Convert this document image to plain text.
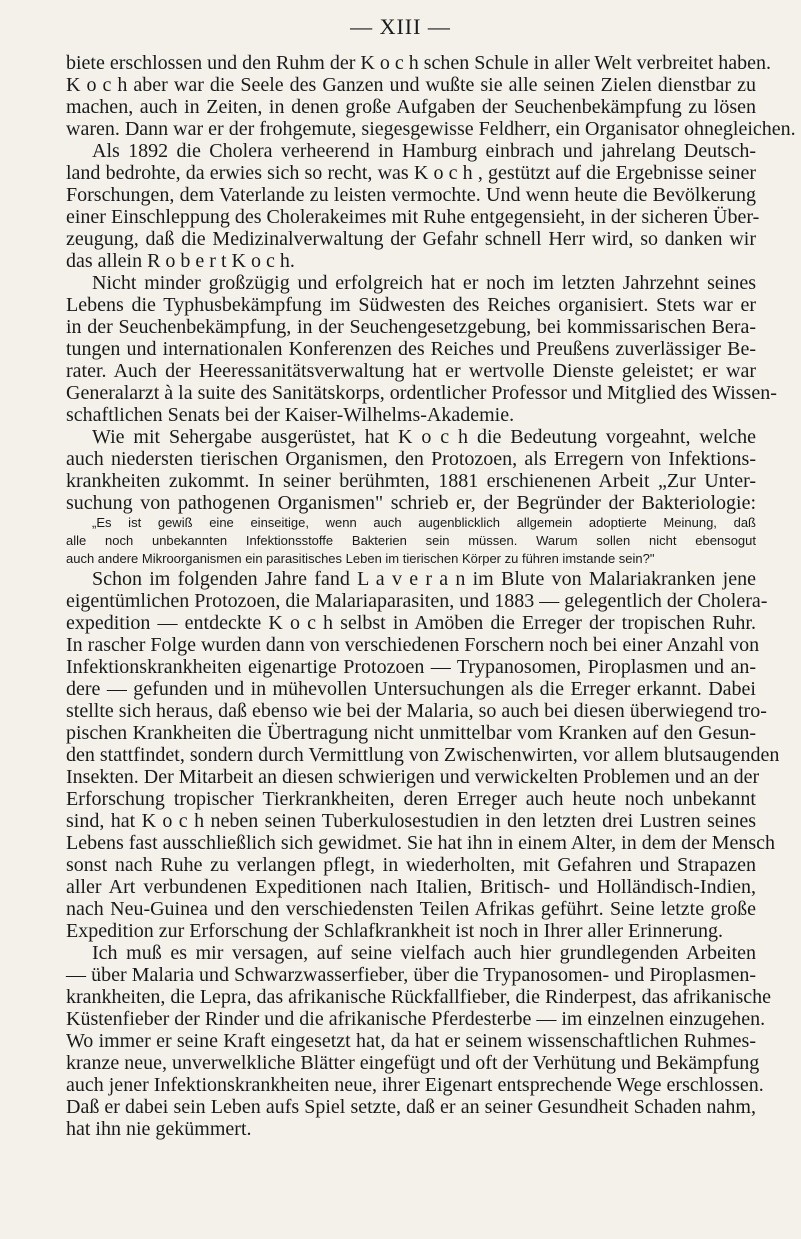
— XIII —
biete erschlossen und den Ruhm der K o c h schen Schule in aller Welt verbreitet haben.
K o c h aber war die Seele des Ganzen und wußte sie alle seinen Zielen dienstbar zu
machen, auch in Zeiten, in denen große Aufgaben der Seuchenbekämpfung zu lösen
waren. Dann war er der frohgemute, siegesgewisse Feldherr, ein Organisator ohnegleichen.
Als 1892 die Cholera verheerend in Hamburg einbrach und jahrelang Deutsch-
land bedrohte, da erwies sich so recht, was K o c h , gestützt auf die Ergebnisse seiner
Forschungen, dem Vaterlande zu leisten vermochte. Und wenn heute die Bevölkerung
einer Einschleppung des Cholerakeimes mit Ruhe entgegensieht, in der sicheren Über-
zeugung, daß die Medizinalverwaltung der Gefahr schnell Herr wird, so danken wir
das allein R o b e r t K o c h.
Nicht minder großzügig und erfolgreich hat er noch im letzten Jahrzehnt seines
Lebens die Typhusbekämpfung im Südwesten des Reiches organisiert. Stets war er
in der Seuchenbekämpfung, in der Seuchengesetzgebung, bei kommissarischen Bera-
tungen und internationalen Konferenzen des Reiches und Preußens zuverlässiger Be-
rater. Auch der Heeressanitätsverwaltung hat er wertvolle Dienste geleistet; er war
Generalarzt à la suite des Sanitätskorps, ordentlicher Professor und Mitglied des Wissen-
schaftlichen Senats bei der Kaiser-Wilhelms-Akademie.
Wie mit Sehergabe ausgerüstet, hat K o c h die Bedeutung vorgeahnt, welche
auch niedersten tierischen Organismen, den Protozoen, als Erregern von Infektions-
krankheiten zukommt. In seiner berühmten, 1881 erschienenen Arbeit „Zur Unter-
suchung von pathogenen Organismen" schrieb er, der Begründer der Bakteriologie:
„Es ist gewiß eine einseitige, wenn auch augenblicklich allgemein adoptierte Meinung, daß
alle noch unbekannten Infektionsstoffe Bakterien sein müssen. Warum sollen nicht ebensogut
auch andere Mikroorganismen ein parasitisches Leben im tierischen Körper zu führen imstande sein?"
Schon im folgenden Jahre fand L a v e r a n im Blute von Malariakranken jene
eigentümlichen Protozoen, die Malariaparasiten, und 1883 — gelegentlich der Cholera-
expedition — entdeckte K o c h selbst in Amöben die Erreger der tropischen Ruhr.
In rascher Folge wurden dann von verschiedenen Forschern noch bei einer Anzahl von
Infektionskrankheiten eigenartige Protozoen — Trypanosomen, Piroplasmen und an-
dere — gefunden und in mühevollen Untersuchungen als die Erreger erkannt. Dabei
stellte sich heraus, daß ebenso wie bei der Malaria, so auch bei diesen überwiegend tro-
pischen Krankheiten die Übertragung nicht unmittelbar vom Kranken auf den Gesun-
den stattfindet, sondern durch Vermittlung von Zwischenwirten, vor allem blutsaugenden
Insekten. Der Mitarbeit an diesen schwierigen und verwickelten Problemen und an der
Erforschung tropischer Tierkrankheiten, deren Erreger auch heute noch unbekannt
sind, hat K o c h neben seinen Tuberkulosestudien in den letzten drei Lustren seines
Lebens fast ausschließlich sich gewidmet. Sie hat ihn in einem Alter, in dem der Mensch
sonst nach Ruhe zu verlangen pflegt, in wiederholten, mit Gefahren und Strapazen
aller Art verbundenen Expeditionen nach Italien, Britisch- und Holländisch-Indien,
nach Neu-Guinea und den verschiedensten Teilen Afrikas geführt. Seine letzte große
Expedition zur Erforschung der Schlafkrankheit ist noch in Ihrer aller Erinnerung.
Ich muß es mir versagen, auf seine vielfach auch hier grundlegenden Arbeiten
— über Malaria und Schwarzwasserfieber, über die Trypanosomen- und Piroplasmen-
krankheiten, die Lepra, das afrikanische Rückfallfieber, die Rinderpest, das afrikanische
Küstenfieber der Rinder und die afrikanische Pferdesterbe — im einzelnen einzugehen.
Wo immer er seine Kraft eingesetzt hat, da hat er seinem wissenschaftlichen Ruhmes-
kranze neue, unverwelkliche Blätter eingefügt und oft der Verhütung und Bekämpfung
auch jener Infektionskrankheiten neue, ihrer Eigenart entsprechende Wege erschlossen.
Daß er dabei sein Leben aufs Spiel setzte, daß er an seiner Gesundheit Schaden nahm,
hat ihn nie gekümmert.
